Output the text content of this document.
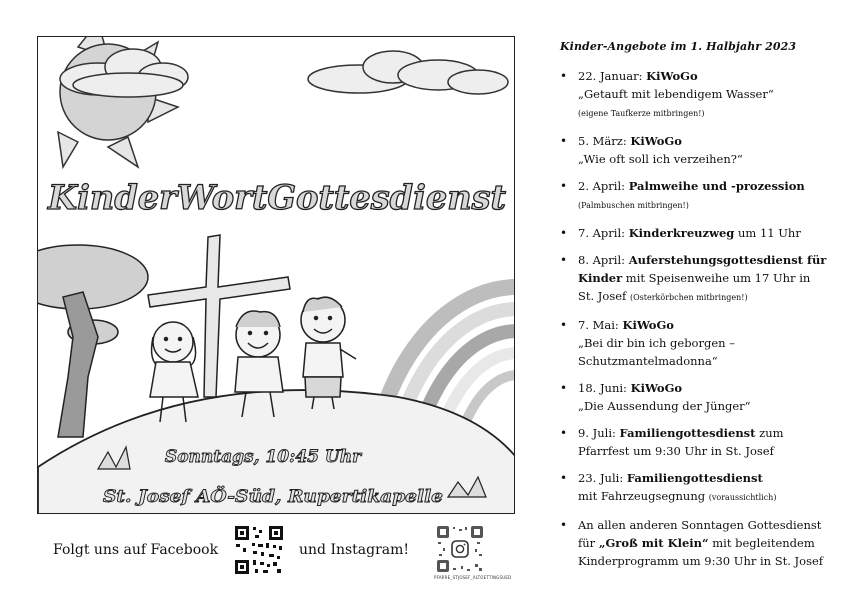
KinderWortGottesdienst
Sonntags, 10:45 Uhr
St. Josef AÖ-Süd, Rupertikapelle
Folgt uns auf Facebook	und Instagram!
PFARRE_STJOSEF_ALTOETTINGSUED
Kinder-Angebote im 1. Halbjahr 2023
• 22. Januar: KiWoGo
„Getauft mit lebendigem Wasser“
(eigene Taufkerze mitbringen!)
• 5. März: KiWoGo
„Wie oft soll ich verzeihen?“
• 2. April: Palmweihe und -prozession
(Palmbuschen mitbringen!)
• 7. April: Kinderkreuzweg um 11 Uhr
• 8. April: Auferstehungsgottesdienst für Kinder mit Speisenweihe um 17 Uhr in St. Josef (Osterkörbchen mitbringen!)
• 7. Mai: KiWoGo
„Bei dir bin ich geborgen – Schutzmantelmadonna“
• 18. Juni: KiWoGo
„Die Aussendung der Jünger“
• 9. Juli: Familiengottesdienst zum Pfarrfest um 9:30 Uhr in St. Josef
• 23. Juli: Familiengottesdienst
mit Fahrzeugsegnung (voraussichtlich)
• An allen anderen Sonntagen Gottesdienst für „Groß mit Klein“ mit begleitendem Kinderprogramm um 9:30 Uhr in St. Josef
